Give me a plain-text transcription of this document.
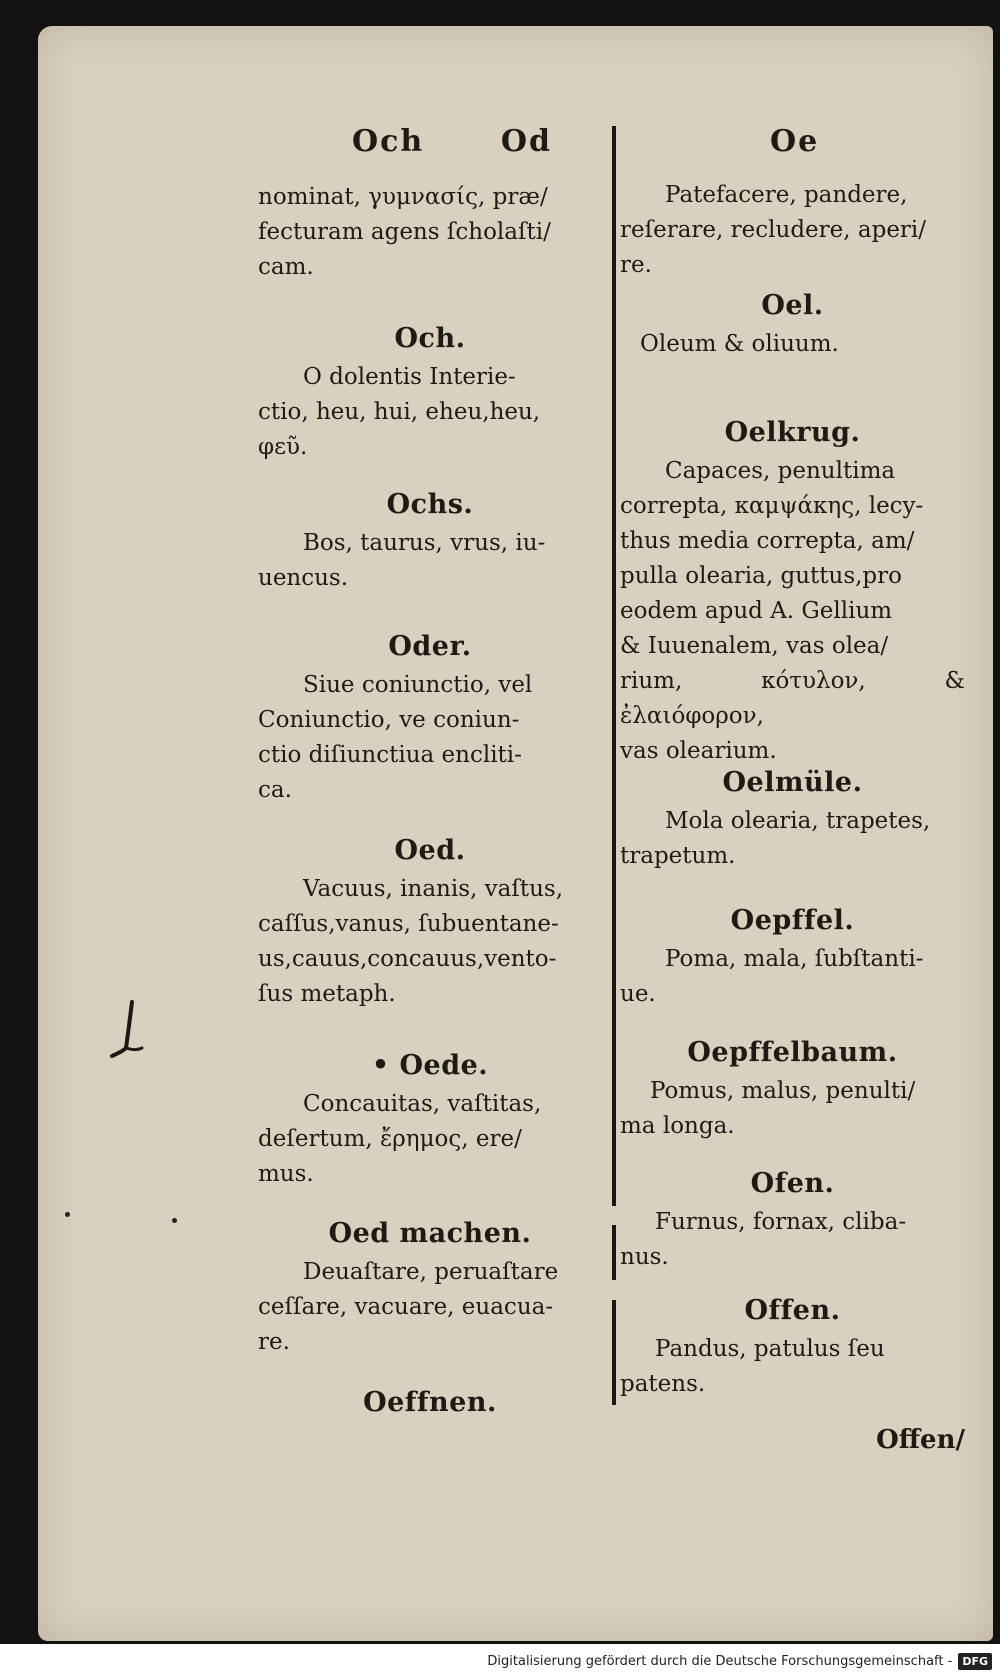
Och	Od	Oe

nominat, γυμνασίς, præ/
fecturam agens ſcholaſti/
cam.

Och.

O dolentis Interie-
ctio, heu, hui, eheu,heu,
φεῦ.

Ochs.

Bos, taurus, vrus, iu-
uencus.

Oder.

Siue coniunctio, vel
Coniunctio, ve coniun-
ctio diſiunctiua encliti-
ca.

Oed.

Vacuus, inanis, vaſtus,
caſſus,vanus, ſubuentane-
us,cauus,concauus,vento-
ſus metaph.

• Oede.

Concauitas, vaſtitas,
deſertum, ἔρημος, ere/
mus.

Oed machen.

Deuaſtare, peruaſtare
ceſſare, vacuare, euacua-
re.

Oeffnen.

Patefacere, pandere,
reſerare, recludere, aperi/
re.

Oel.

Oleum & oliuum.

Oelkrug.

Capaces, penultima
correpta, καμψάκης, lecy-
thus media correpta, am/
pulla olearia, guttus,pro
eodem apud A. Gellium
& Iuuenalem, vas olea/
rium, κότυλον, & ἐλαιόφορον,
vas olearium.

Oelmüle.

Mola olearia, trapetes,
trapetum.

Oepffel.

Poma, mala, ſubſtanti-
ue.

Oepffelbaum.

Pomus, malus, penulti/
ma longa.

Ofen.

Furnus, fornax, cliba-
nus.

Offen.

Pandus, patulus ſeu
patens.

Offen/
Digitalisierung gefördert durch die Deutsche Forschungsgemeinschaft - DFG
